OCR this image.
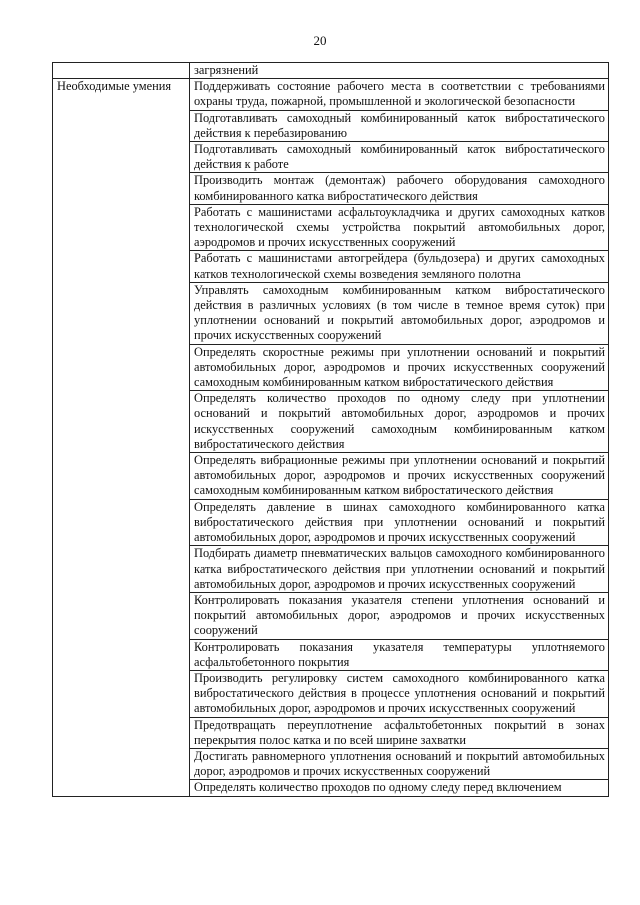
20
	загрязнений
Необходимые умения	Поддерживать состояние рабочего места в соответствии с требованиями охраны труда, пожарной, промышленной и экологической безопасности
	Подготавливать самоходный комбинированный каток вибростатического действия к перебазированию
	Подготавливать самоходный комбинированный каток вибростатического действия к работе
	Производить монтаж (демонтаж) рабочего оборудования самоходного комбинированного катка вибростатического действия
	Работать с машинистами асфальтоукладчика и других самоходных катков технологической схемы устройства покрытий автомобильных дорог, аэродромов и прочих искусственных сооружений
	Работать с машинистами автогрейдера (бульдозера) и других самоходных катков технологической схемы возведения земляного полотна
	Управлять самоходным комбинированным катком вибростатического действия в различных условиях (в том числе в темное время суток) при уплотнении оснований и покрытий автомобильных дорог, аэродромов и прочих искусственных сооружений
	Определять скоростные режимы при уплотнении оснований и покрытий автомобильных дорог, аэродромов и прочих искусственных сооружений самоходным комбинированным катком вибростатического действия
	Определять количество проходов по одному следу при уплотнении оснований и покрытий автомобильных дорог, аэродромов и прочих искусственных сооружений самоходным комбинированным катком вибростатического действия
	Определять вибрационные режимы при уплотнении оснований и покрытий автомобильных дорог, аэродромов и прочих искусственных сооружений самоходным комбинированным катком вибростатического действия
	Определять давление в шинах самоходного комбинированного катка вибростатического действия при уплотнении оснований и покрытий автомобильных дорог, аэродромов и прочих искусственных сооружений
	Подбирать диаметр пневматических вальцов самоходного комбинированного катка вибростатического действия при уплотнении оснований и покрытий автомобильных дорог, аэродромов и прочих искусственных сооружений
	Контролировать показания указателя степени уплотнения оснований и покрытий автомобильных дорог, аэродромов и прочих искусственных сооружений
	Контролировать показания указателя температуры уплотняемого асфальтобетонного покрытия
	Производить регулировку систем самоходного комбинированного катка вибростатического действия в процессе уплотнения оснований и покрытий автомобильных дорог, аэродромов и прочих искусственных сооружений
	Предотвращать переуплотнение асфальтобетонных покрытий в зонах перекрытия полос катка и по всей ширине захватки
	Достигать равномерного уплотнения оснований и покрытий автомобильных дорог, аэродромов и прочих искусственных сооружений
	Определять количество проходов по одному следу перед включением
